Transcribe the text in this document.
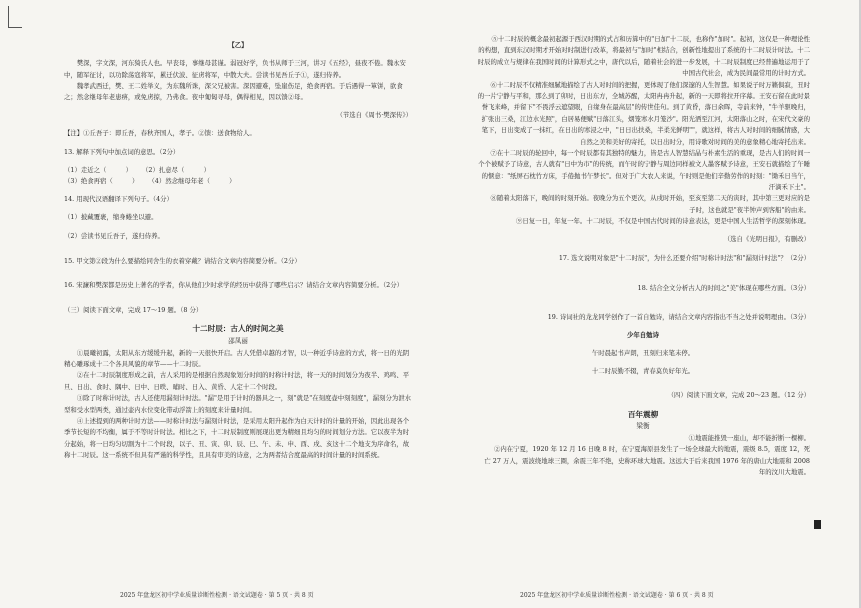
【乙】

樊深，字文深，河东猗氏人也。早丧母，事继母甚谨。弱冠好学，负书从师于三河，讲习《五经》，昼夜不倦。魏永安中，随军征讨，以功除荡寇将军，累迁伏波、征虏将军，中散大夫。尝读书见吾丘子①，遂归侍养。

魏孝武西迁，樊、王二姓举义，为东魏所诛，深父兄被害。深因避难，坠崖伤足，绝食再宿。于后遇得一箪饼，欲食之；然念继母年老患痹，或免虏掠，乃弗食。夜中匍匐寻母，偶得相见，因以馈②母。

（节选自《周书·樊深传》）

【注】①丘吾子：即丘吾，春秋齐国人，孝子。②馈：送食物给人。

13. 解释下列句中加点词的意思。（2分）

（1）走近之（　　　） （2）扎意尽（　　　）
（3）绝食再宿（　　　） （4）然念继母年老（　　　）

14. 用现代汉语翻译下列句子。（4分）

（1）披藏覆裹，缩身蜷坐以避。

（2）尝读书见丘吾子，遂归侍养。

15. 甲文第②段为什么要描绘同舍生的衣着穿戴？请结合文章内容简要分析。（2分）

16. 宋濂和樊深都是历史上著名的学者，你从他们少时求学的经历中获得了哪些启示？请结合文章内容简要分析。（2分）

（三）阅读下面文章，完成 17～19 题。（8 分）

十二时辰：古人的时间之美

邵凤丽

①晨曦初露，太阳从东方缓缓升起，新的一天很快开启。古人凭借卓越的才智，以一种近乎诗意的方式，将一日的光阴精心雕琢成十二个各具风貌的章节——十二时辰。

②在十二时辰制度形成之前，古人采用的是根据自然现象划分时间的时称计时法，将一天的时间划分为夜半、鸡鸣、平旦、日出、食时、隅中、日中、日昳、晡时、日入、黄昏、人定十二个时段。

③除了时称计时法，古人还使用漏刻计时法。"漏"是用于计时的器具之一，刻"就是"在刻度壶中刻刻度"，漏刻分为泄水型和受水型两类，通过壶内水位变化带动浮箭上的刻度来计量时间。

④上述提到的两种计时方法——时称计时法与漏刻计时法，是采用太阳升起作为白天计时的计量的开始，因此出现各个季节长短的不均衡，属于不等时计时法。相比之下，十二时辰制度则展现出更为精细且均匀的时间划分方法。它以夜半为时分起始，将一日均匀切割为十二个时段，以子、丑、寅、卯、辰、巳、午、未、申、酉、戌、亥这十二个地支为序命名，故称十二时辰。这一系统不但具有严谨的科学性，且具有审美的诗意，之为两者结合度最高的时间计量的时间系统。

⑤十二时辰的概念最初起源于西汉时期的式占和历算中的"日加"十二辰，也称作"加时"。起初，这仅是一种理论性的构想，直到东汉时期才开始对时制进行改革，将最初与"加时"相结合，创新性地提出了系统的十二时辰计时法。十二时辰的成立与规律在我国时间的计算形式之中，唐代以后，随着社会的进一步发展，十二时辰制度已经普遍地运用于了中国古代社会，成为民间最常用的计时方式。

⑥十二时辰不仅精准细腻地描绘了古人对时间的把握，更体现了他们深邃的人生智慧。如果说子时万籁俱寂，丑时的一片宁静与平和，那么到了卯时，日出东方，全城苏醒，太阳冉冉升起，新的一天即将拉开序幕。王安石留在此时景誉飞来峰，并留下"不畏浮云遮望眼，自缘身在最高层"的传世佳句。到了黄昏，落日余晖，寺前来钟，"牛羊驱晚归，扩张出三桑，江边水光照"，白居易便赋"日落江头，烟笼寒水月笼沙"。阳光洒至江河，太阳落山之时，在宋代文豪的笔下，日出变成了一抹红，在日出的寒浸之中，"日日出扶桑，半柔光鲜明""，就这样，将古人对时间的细腻情感，大自然之美和美好的寄托，以日出时分，用诗歌对时间的美的意象精心地寄托出来。

⑦在十二时辰的轮回中，每一个时辰都有其独特的魅力，皆是古人智慧结晶与朴素生活的重现，是古人们的时间一个个被赋予了诗意，古人就有"日中为市"的传统，而午时的宁静与周边同样被文人墨客赋予诗意，王安石就描绘了午睡的惬意："纸屏石枕竹方床，手倦抛书午梦长"。但对于广大农人来说，午时则是他们辛勤劳作的时刻："锄禾日当午，汗滴禾下土"。

⑧随着太阳落下，晚间的时刻开始。夜晚分为五个更次，从戌时开始，至亥至第二天的寅时，其中第三更对应的是子时，这也就是"夜半钟声到客船"的由来。

⑨日复一日，年复一年。十二时辰，不仅是中国古代时间的诗意表达，更是中国人生活哲学的深刻体现。

（选自《光明日报》，有删改）

17. 选文说明对象是"十二时辰"，为什么还要介绍"时称计时法"和"漏刻计时法"？（2分）

18. 结合全文分析古人的时间之"美"体现在哪些方面。（3分）

19. 诗词社的龙龙同学创作了一首自勉诗，请结合文章内容指出不当之处并说明理由。（3分）

少年自勉诗

午时晨起书声朗，丑刻归来笔未停。

十二时辰勤不辍，青春莫负好年光。

（四）阅读下面文章，完成 20～23 题。（12 分）

百年震柳

梁衡

①地震能推毁一座山，却不能折断一棵柳。

②内在宁夏，1920 年 12 月 16 日晚 8 时，在宁夏海原县发生了一场全球最大的地震，震级 8.5，震度 12，死亡 27 万人，震波绕地球三圈，余震三年不绝，史称环球大地震。这远大于后来我国 1976 年的唐山大地震和 2008 年的汶川大地震。

2025 年盘龙区初中学业质量诊断性检测 · 语文试题卷 · 第 5 页 · 共 8 页	2025 年盘龙区初中学业质量诊断性检测 · 语文试题卷 · 第 6 页 · 共 8 页
